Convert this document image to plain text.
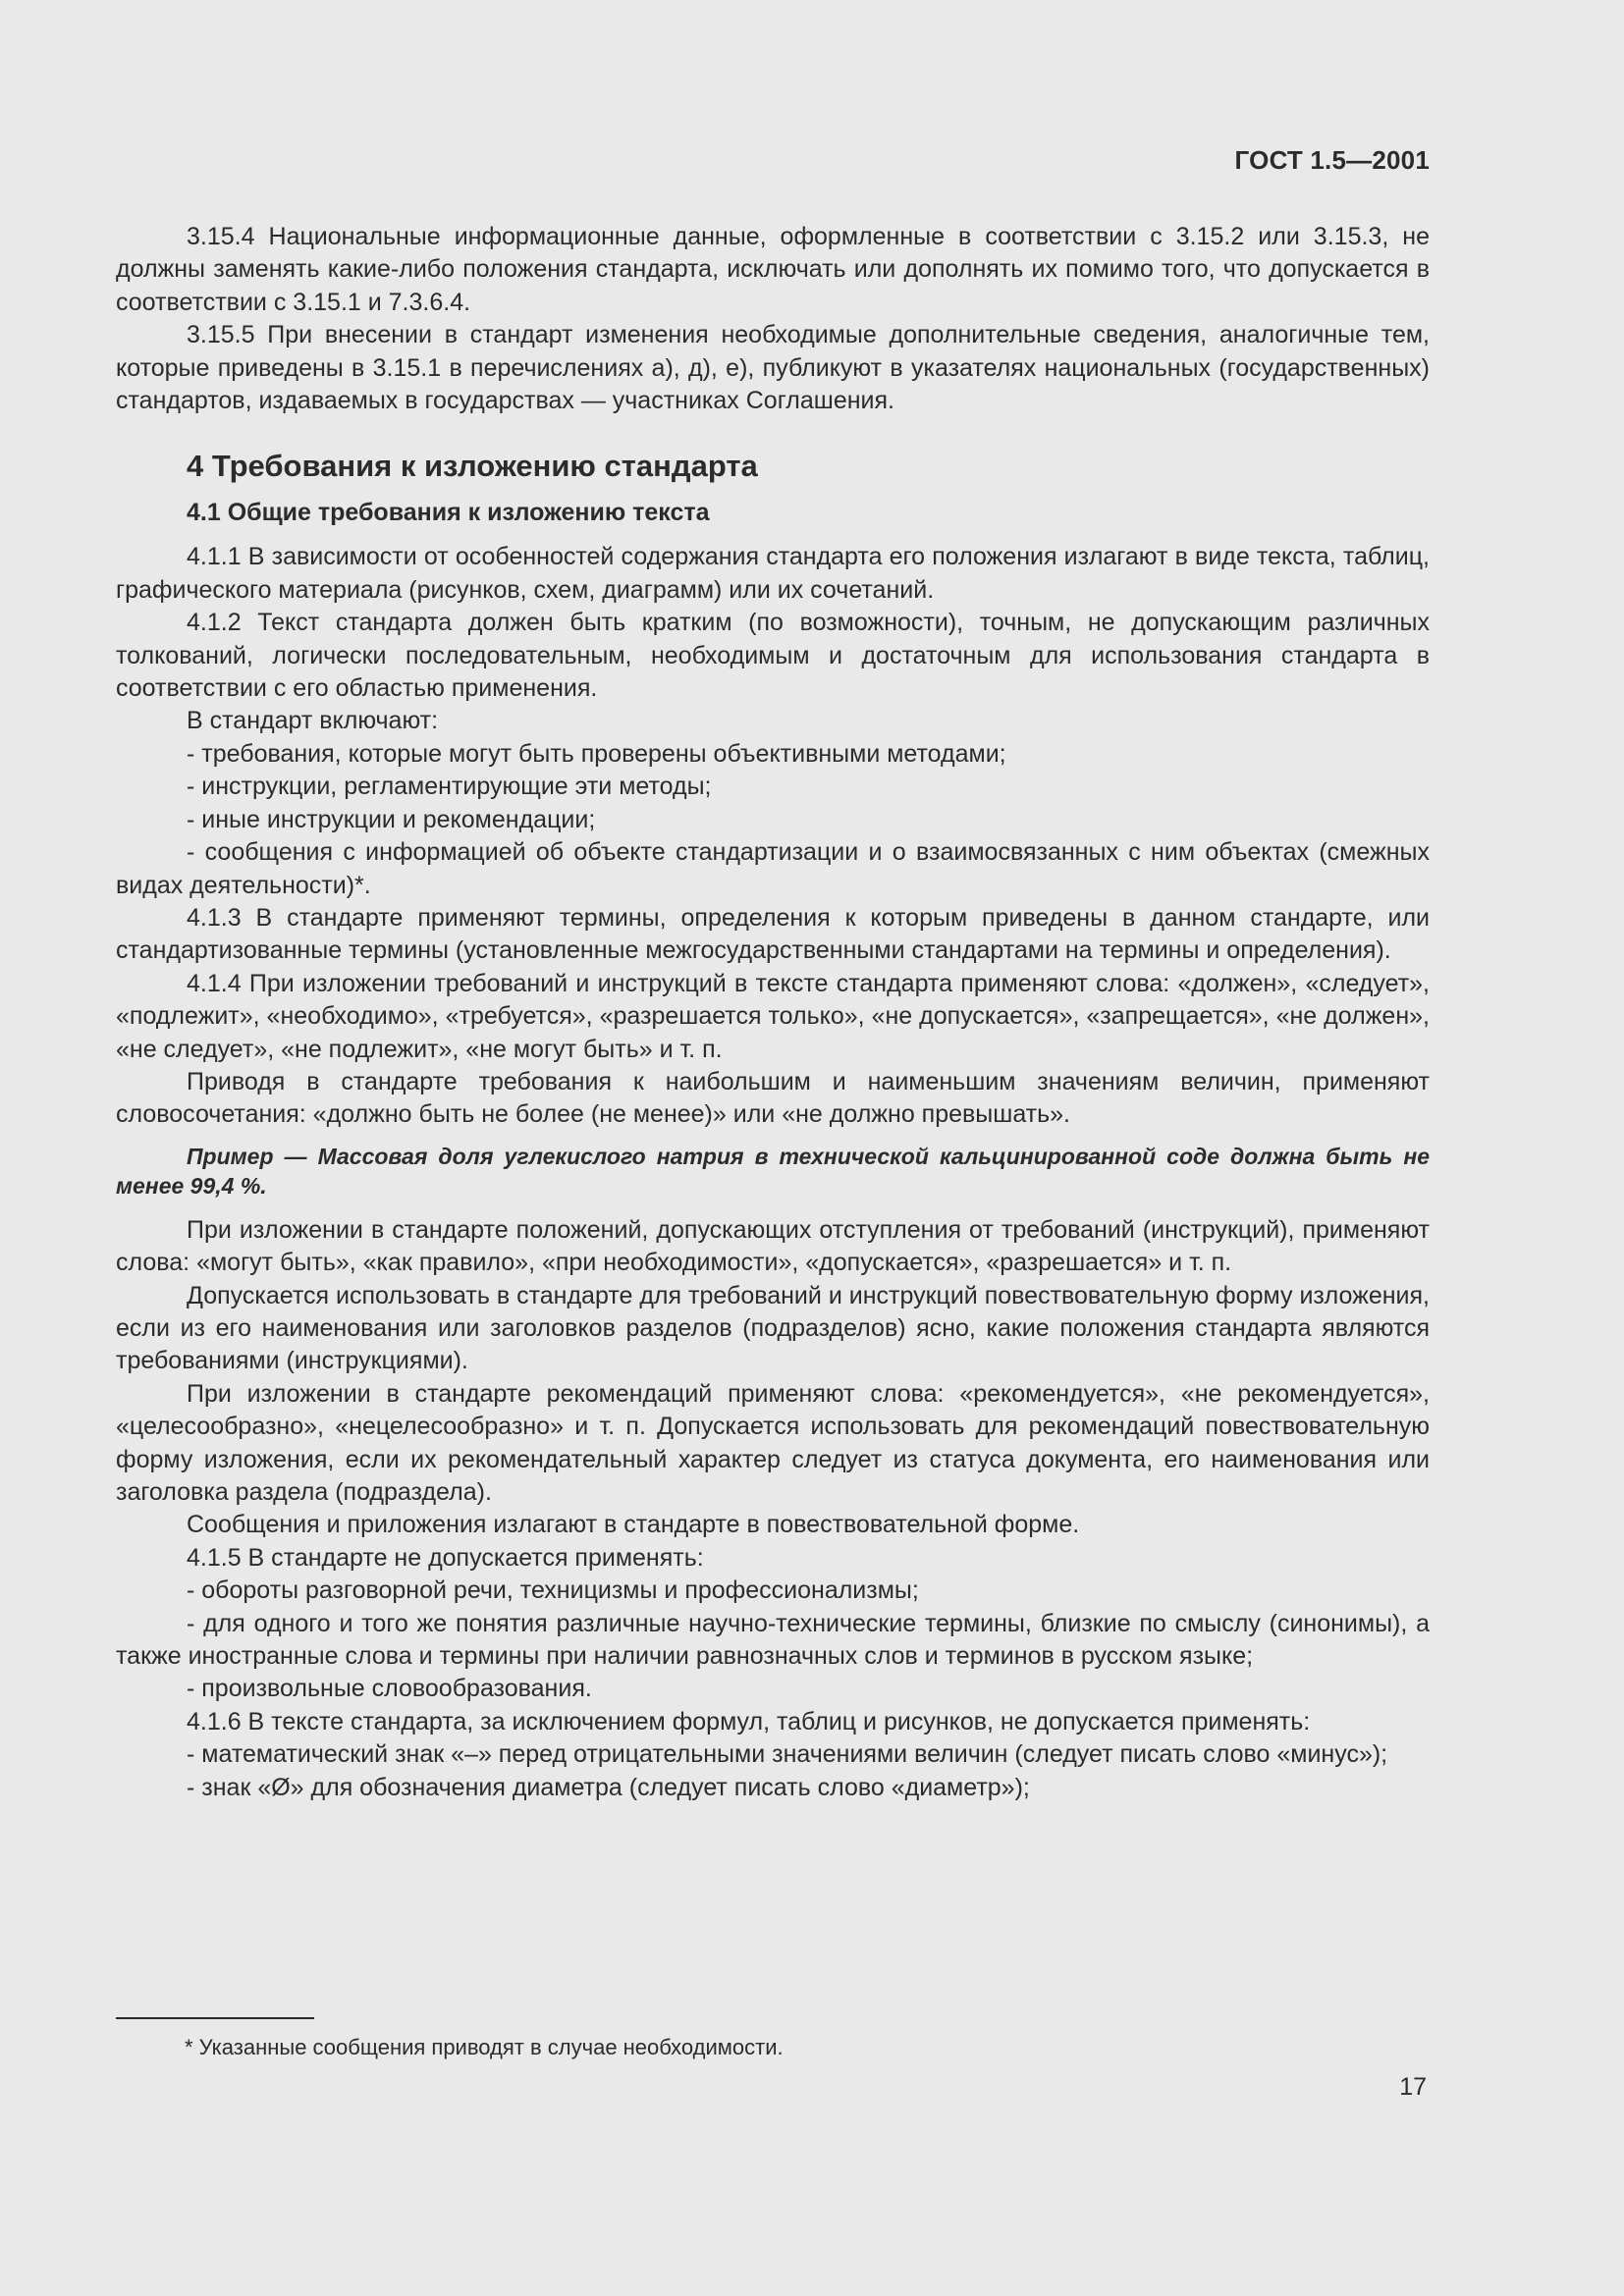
ГОСТ 1.5—2001

3.15.4 Национальные информационные данные, оформленные в соответствии с 3.15.2 или 3.15.3, не должны заменять какие-либо положения стандарта, исключать или дополнять их помимо того, что допускается в соответствии с 3.15.1 и 7.3.6.4.

3.15.5 При внесении в стандарт изменения необходимые дополнительные сведения, аналогичные тем, которые приведены в 3.15.1 в перечислениях а), д), е), публикуют в указателях национальных (государственных) стандартов, издаваемых в государствах — участниках Соглашения.

4 Требования к изложению стандарта
4.1 Общие требования к изложению текста

4.1.1 В зависимости от особенностей содержания стандарта его положения излагают в виде текста, таблиц, графического материала (рисунков, схем, диаграмм) или их сочетаний.

4.1.2 Текст стандарта должен быть кратким (по возможности), точным, не допускающим различных толкований, логически последовательным, необходимым и достаточным для использования стандарта в соответствии с его областью применения.

В стандарт включают:

- требования, которые могут быть проверены объективными методами;

- инструкции, регламентирующие эти методы;

- иные инструкции и рекомендации;

- сообщения с информацией об объекте стандартизации и о взаимосвязанных с ним объектах (смежных видах деятельности)*.

4.1.3 В стандарте применяют термины, определения к которым приведены в данном стандарте, или стандартизованные термины (установленные межгосударственными стандартами на термины и определения).

4.1.4 При изложении требований и инструкций в тексте стандарта применяют слова: «должен», «следует», «подлежит», «необходимо», «требуется», «разрешается только», «не допускается», «запрещается», «не должен», «не следует», «не подлежит», «не могут быть» и т. п.

Приводя в стандарте требования к наибольшим и наименьшим значениям величин, применяют словосочетания: «должно быть не более (не менее)» или «не должно превышать».

Пример — Массовая доля углекислого натрия в технической кальцинированной соде должна быть не менее 99,4 %.

При изложении в стандарте положений, допускающих отступления от требований (инструкций), применяют слова: «могут быть», «как правило», «при необходимости», «допускается», «разрешается» и т. п.

Допускается использовать в стандарте для требований и инструкций повествовательную форму изложения, если из его наименования или заголовков разделов (подразделов) ясно, какие положения стандарта являются требованиями (инструкциями).

При изложении в стандарте рекомендаций применяют слова: «рекомендуется», «не рекомендуется», «целесообразно», «нецелесообразно» и т. п. Допускается использовать для рекомендаций повествовательную форму изложения, если их рекомендательный характер следует из статуса документа, его наименования или заголовка раздела (подраздела).

Сообщения и приложения излагают в стандарте в повествовательной форме.

4.1.5 В стандарте не допускается применять:

- обороты разговорной речи, техницизмы и профессионализмы;

- для одного и того же понятия различные научно-технические термины, близкие по смыслу (синонимы), а также иностранные слова и термины при наличии равнозначных слов и терминов в русском языке;

- произвольные словообразования.

4.1.6 В тексте стандарта, за исключением формул, таблиц и рисунков, не допускается применять:

- математический знак «–» перед отрицательными значениями величин (следует писать слово «минус»);

- знак «Ø» для обозначения диаметра (следует писать слово «диаметр»);

* Указанные сообщения приводят в случае необходимости.
17
